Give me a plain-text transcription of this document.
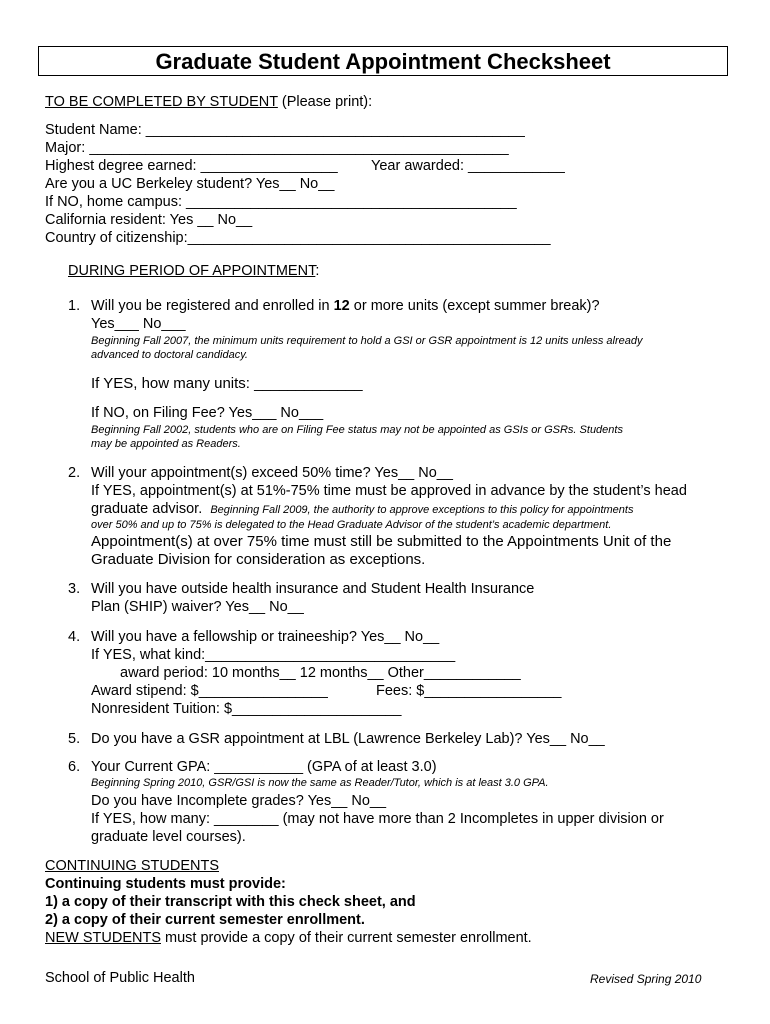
Graduate Student Appointment Checksheet
TO BE COMPLETED BY STUDENT (Please print):
Student Name: _______________________________________________
Major: ____________________________________________________
Highest degree earned: _________________ Year awarded: ____________
Are you a UC Berkeley student? Yes__ No__
If NO, home campus: _________________________________________
California resident: Yes __ No__
Country of citizenship:_____________________________________________
DURING PERIOD OF APPOINTMENT:
1. Will you be registered and enrolled in 12 or more units (except summer break)?
Yes___ No___
Beginning Fall 2007, the minimum units requirement to hold a GSI or GSR appointment is 12 units unless already
advanced to doctoral candidacy.
If YES, how many units: _____________
If NO, on Filing Fee? Yes___ No___
Beginning Fall 2002, students who are on Filing Fee status may not be appointed as GSIs or GSRs. Students
may be appointed as Readers.
2. Will your appointment(s) exceed 50% time? Yes__ No__
If YES, appointment(s) at 51%-75% time must be approved in advance by the student’s head
graduate advisor. Beginning Fall 2009, the authority to approve exceptions to this policy for appointments
over 50% and up to 75% is delegated to the Head Graduate Advisor of the student’s academic department.
Appointment(s) at over 75% time must still be submitted to the Appointments Unit of the
Graduate Division for consideration as exceptions.
3. Will you have outside health insurance and Student Health Insurance
Plan (SHIP) waiver? Yes__ No__
4. Will you have a fellowship or traineeship? Yes__ No__
If YES, what kind:_______________________________
award period: 10 months__ 12 months__ Other____________
Award stipend: $________________	Fees: $_________________
Nonresident Tuition: $_____________________
5. Do you have a GSR appointment at LBL (Lawrence Berkeley Lab)? Yes__ No__
6. Your Current GPA: ___________ (GPA of at least 3.0)
Beginning Spring 2010, GSR/GSI is now the same as Reader/Tutor, which is at least 3.0 GPA.
Do you have Incomplete grades? Yes__ No__
If YES, how many: ________ (may not have more than 2 Incompletes in upper division or
graduate level courses).
CONTINUING STUDENTS
Continuing students must provide:
1) a copy of their transcript with this check sheet, and
2) a copy of their current semester enrollment.
NEW STUDENTS must provide a copy of their current semester enrollment.
School of Public Health	Revised Spring 2010
